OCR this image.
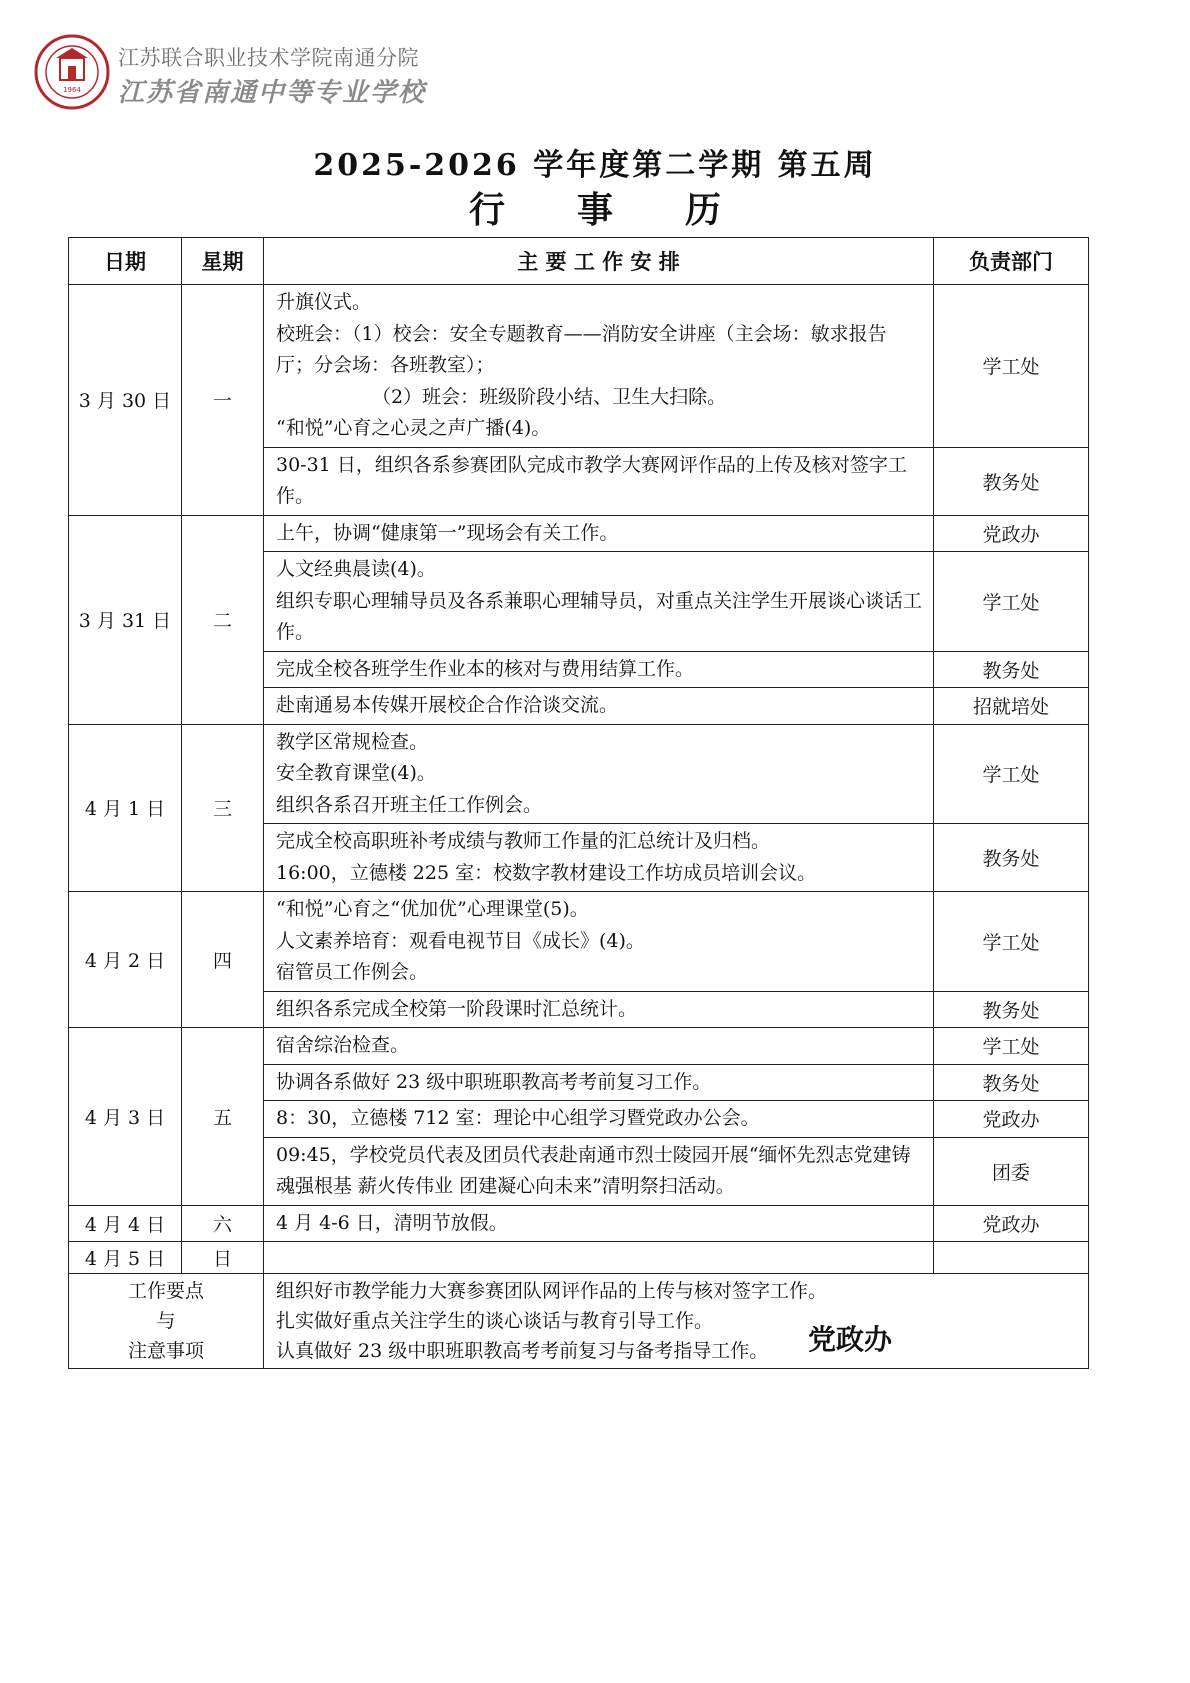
1964
江苏联合职业技术学院南通分院
江苏省南通中等专业学校
2025-2026 学年度第二学期 第五周
行 事 历
日期	星期	主 要 工 作 安 排	负责部门
3 月 30 日	一	升旗仪式。
校班会：（1）校会：安全专题教育——消防安全讲座（主会场：敏求报告厅；分会场：各班教室）；
（2）班会：班级阶段小结、卫生大扫除。
“和悦”心育之心灵之声广播(4)。	学工处

		30-31 日，组织各系参赛团队完成市教学大赛网评作品的上传及核对签字工作。	教务处
3 月 31 日	二	上午，协调“健康第一”现场会有关工作。	党政办

		人文经典晨读(4)。
组织专职心理辅导员及各系兼职心理辅导员，对重点关注学生开展谈心谈话工作。	学工处

		完成全校各班学生作业本的核对与费用结算工作。	教务处

		赴南通易本传媒开展校企合作洽谈交流。	招就培处
4 月 1 日	三	教学区常规检查。
安全教育课堂(4)。
组织各系召开班主任工作例会。	学工处

		完成全校高职班补考成绩与教师工作量的汇总统计及归档。
16:00，立德楼 225 室：校数字教材建设工作坊成员培训会议。	教务处
4 月 2 日	四	“和悦”心育之“优加优”心理课堂(5)。
人文素养培育：观看电视节目《成长》(4)。
宿管员工作例会。	学工处

		组织各系完成全校第一阶段课时汇总统计。	教务处
4 月 3 日	五	宿舍综治检查。	学工处

		协调各系做好 23 级中职班职教高考考前复习工作。	教务处

		8：30，立德楼 712 室：理论中心组学习暨党政办公会。	党政办

		09:45，学校党员代表及团员代表赴南通市烈士陵园开展“缅怀先烈志党建铸魂强根基 薪火传伟业 团建凝心向未来”清明祭扫活动。	团委
4 月 4 日	六	4 月 4-6 日，清明节放假。	党政办
4 月 5 日	日		

工作要点
与
注意事项		组织好市教学能力大赛参赛团队网评作品的上传与核对签字工作。
扎实做好重点关注学生的谈心谈话与教育引导工作。
认真做好 23 级中职班职教高考考前复习与备考指导工作。		党政办
